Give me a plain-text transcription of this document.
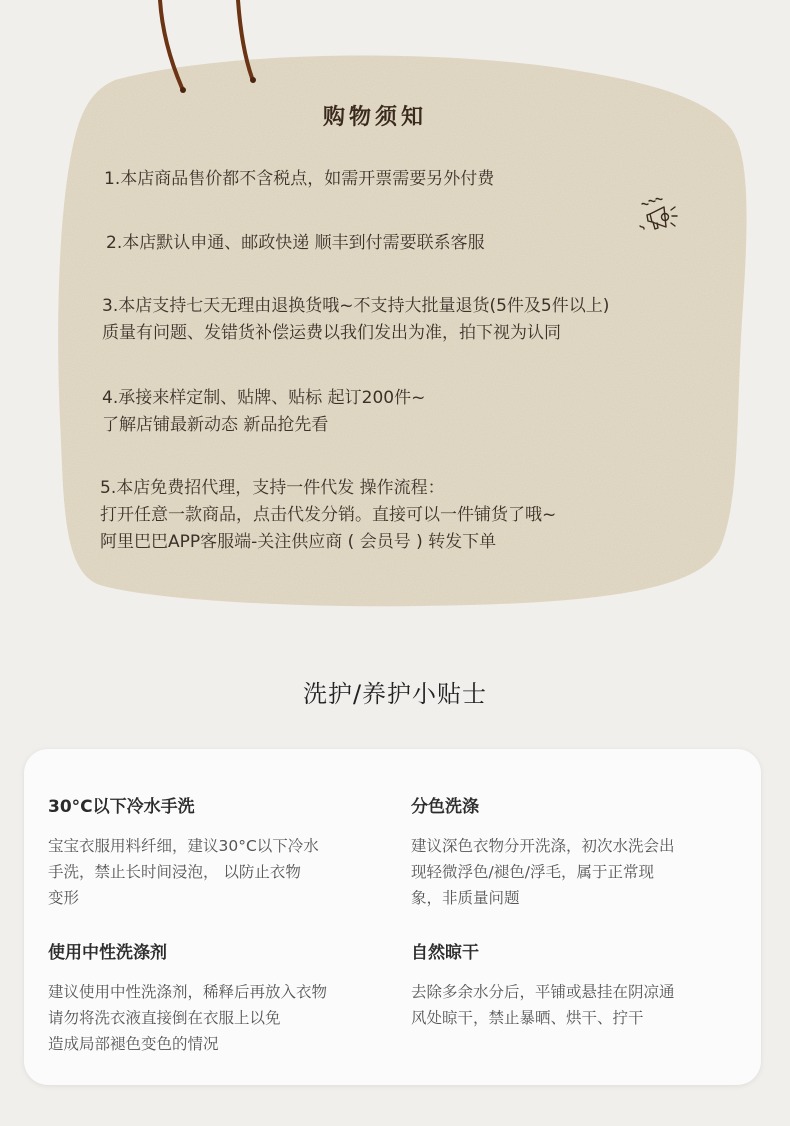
购物须知
1.本店商品售价都不含税点，如需开票需要另外付费
2.本店默认申通、邮政快递 顺丰到付需要联系客服
3.本店支持七天无理由退换货哦~不支持大批量退货(5件及5件以上)
质量有问题、发错货补偿运费以我们发出为准，拍下视为认同
4.承接来样定制、贴牌、贴标 起订200件~
了解店铺最新动态 新品抢先看
5.本店免费招代理，支持一件代发 操作流程：
打开任意一款商品，点击代发分销。直接可以一件铺货了哦~
阿里巴巴APP客服端-关注供应商 ( 会员号 ) 转发下单
洗护/养护小贴士
30°C以下冷水手洗
宝宝衣服用料纤细，建议30°C以下冷水
手洗，禁止长时间浸泡， 以防止衣物
变形
分色洗涤
建议深色衣物分开洗涤，初次水洗会出
现轻微浮色/褪色/浮毛，属于正常现
象，非质量问题
使用中性洗涤剂
建议使用中性洗涤剂，稀释后再放入衣物
请勿将洗衣液直接倒在衣服上以免
造成局部褪色变色的情况
自然晾干
去除多余水分后，平铺或悬挂在阴凉通
风处晾干，禁止暴晒、烘干、拧干
